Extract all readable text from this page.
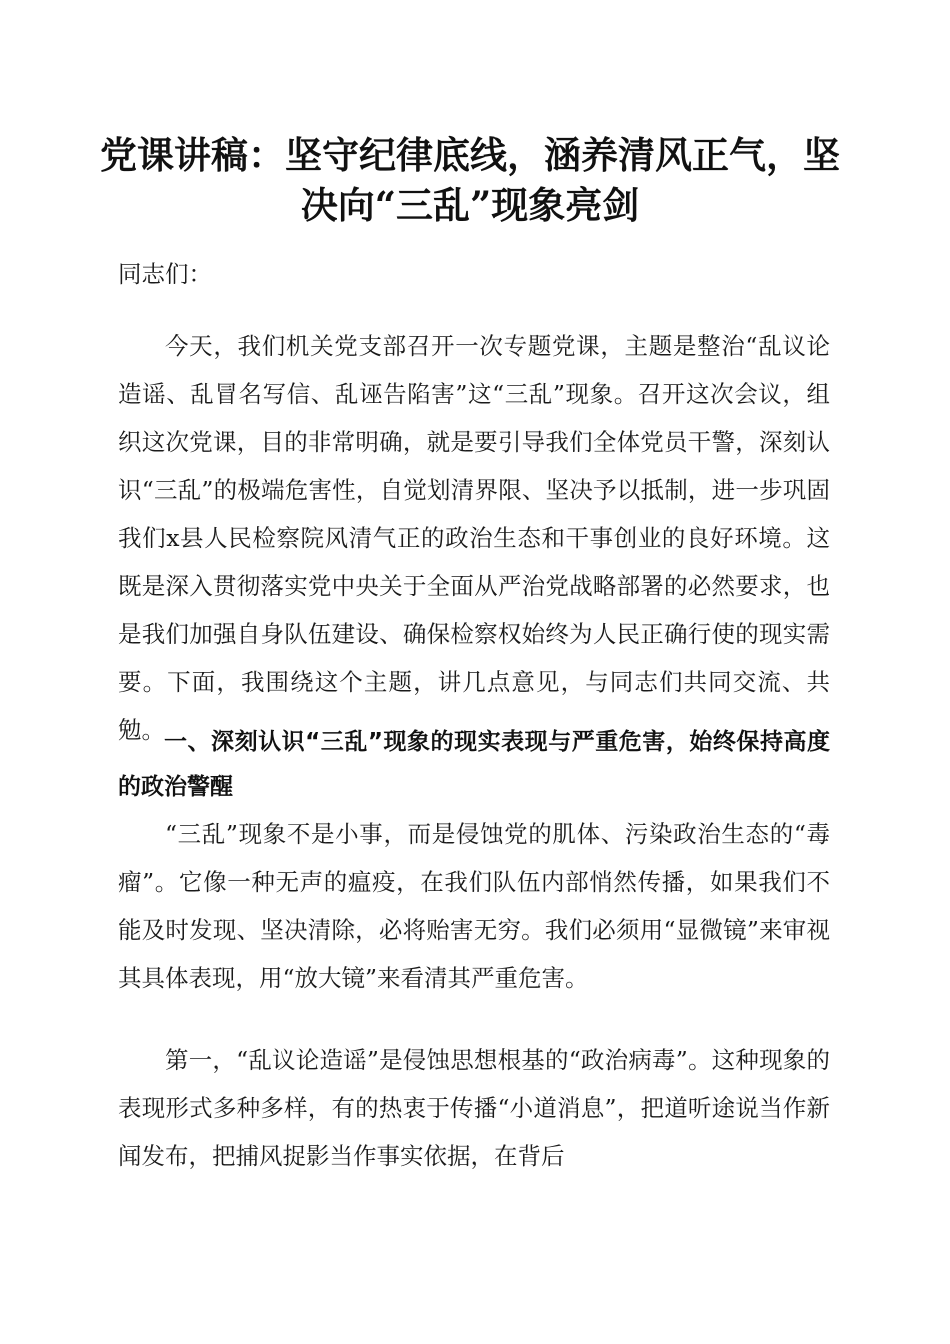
党课讲稿：坚守纪律底线，涵养清风正气，坚决向“三乱”现象亮剑

同志们：

今天，我们机关党支部召开一次专题党课，主题是整治“乱议论造谣、乱冒名写信、乱诬告陷害”这“三乱”现象。召开这次会议，组织这次党课，目的非常明确，就是要引导我们全体党员干警，深刻认识“三乱”的极端危害性，自觉划清界限、坚决予以抵制，进一步巩固我们x县人民检察院风清气正的政治生态和干事创业的良好环境。这既是深入贯彻落实党中央关于全面从严治党战略部署的必然要求，也是我们加强自身队伍建设、确保检察权始终为人民正确行使的现实需要。下面，我围绕这个主题，讲几点意见，与同志们共同交流、共勉。 一、深刻认识“三乱”现象的现实表现与严重危害，始终保持高度的政治警醒

“三乱”现象不是小事，而是侵蚀党的肌体、污染政治生态的“毒瘤”。它像一种无声的瘟疫，在我们队伍内部悄然传播，如果我们不能及时发现、坚决清除，必将贻害无穷。我们必须用“显微镜”来审视其具体表现，用“放大镜”来看清其严重危害。

第一，“乱议论造谣”是侵蚀思想根基的“政治病毒”。这种现象的表现形式多种多样，有的热衷于传播“小道消息”，把道听途说当作新闻发布，把捕风捉影当作事实依据，在背后
